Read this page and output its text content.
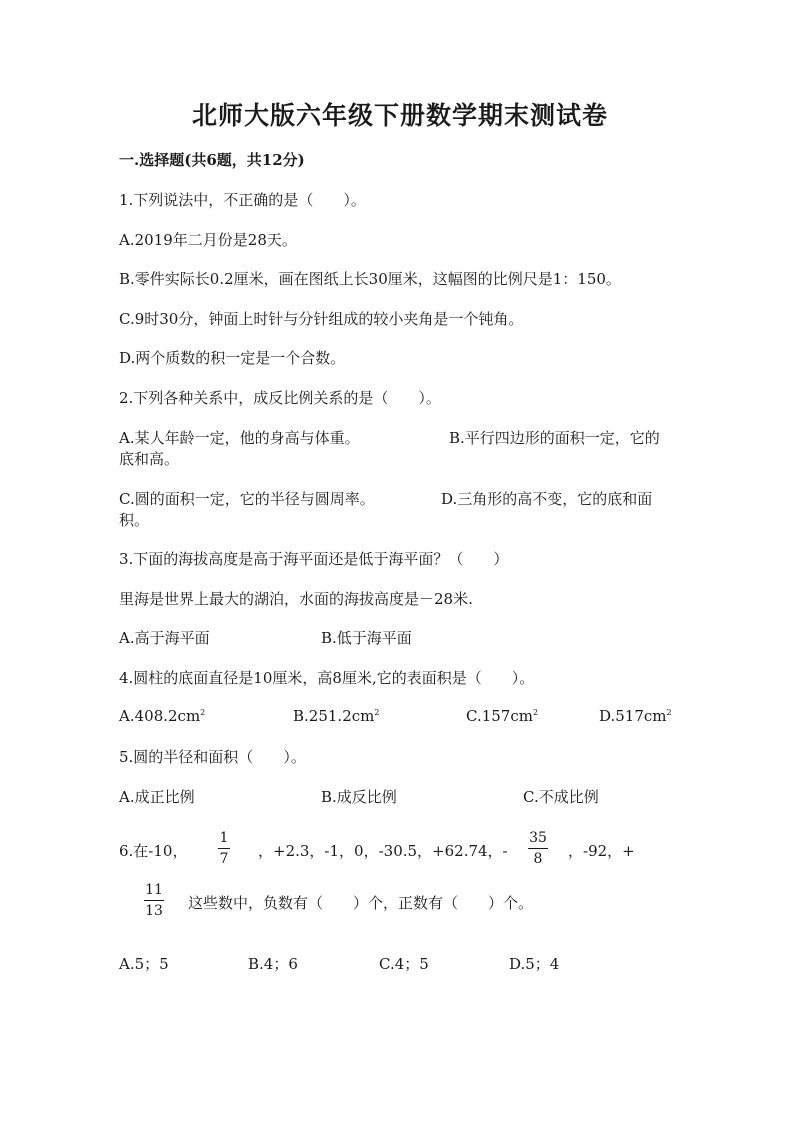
北师大版六年级下册数学期末测试卷
一.选择题(共6题，共12分)
1.下列说法中，不正确的是（　　）。
A.2019年二月份是28天。
B.零件实际长0.2厘米，画在图纸上长30厘米，这幅图的比例尺是1：150。
C.9时30分，钟面上时针与分针组成的较小夹角是一个钝角。
D.两个质数的积一定是一个合数。
2.下列各种关系中，成反比例关系的是（　　）。
A.某人年龄一定，他的身高与体重。	B.平行四边形的面积一定，它的
底和高。
C.圆的面积一定，它的半径与圆周率。	D.三角形的高不变，它的底和面
积。
3.下面的海拔高度是高于海平面还是低于海平面？（　　）
里海是世界上最大的湖泊，水面的海拔高度是－28米.
A.高于海平面	B.低于海平面
4.圆柱的底面直径是10厘米，高8厘米,它的表面积是（　　）。
$A.408.2cm^2$	$B.251.2cm^2$	$C.157cm^2$	$D.517cm^2$
5.圆的半径和面积（　　）。
A.成正比例	B.成反比例	C.不成比例
6.在-10，
1
7	，+2.3，-1，0，-30.5，+62.74，-
35
8	，-92，+
11
13 这些数中，负数有（　　）个，正数有（　　）个。
A.5；5	B.4；6	C.4；5	D.5；4
